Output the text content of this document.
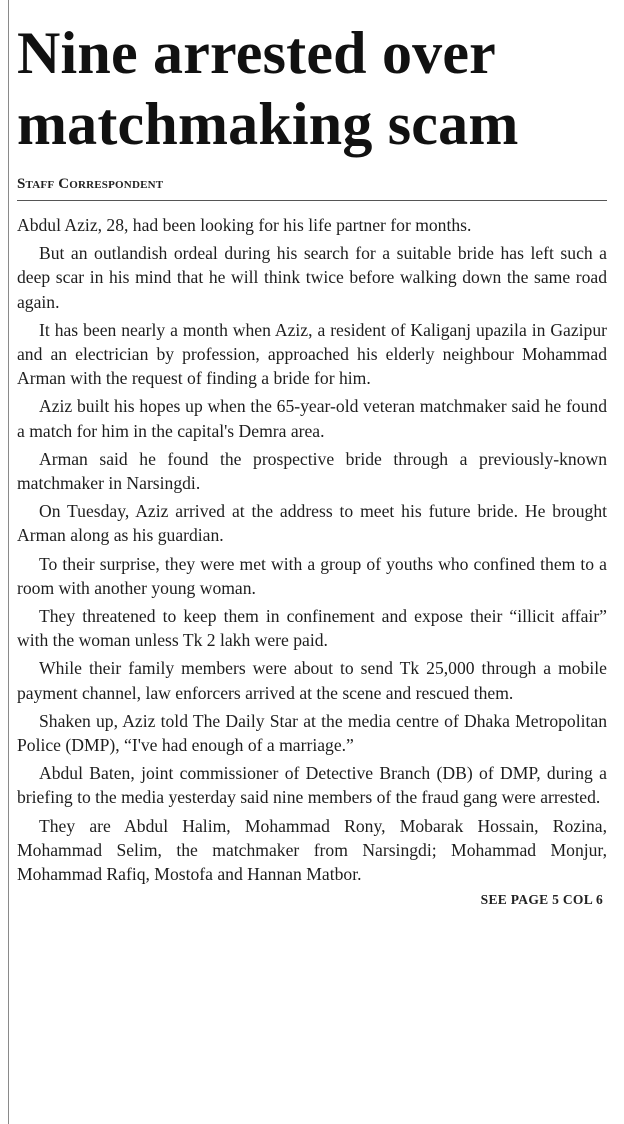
Nine arrested over
matchmaking scam
Staff Correspondent

Abdul Aziz, 28, had been looking for his life partner for months.

But an outlandish ordeal during his search for a suitable bride has left such a deep scar in his mind that he will think twice before walking down the same road again.

It has been nearly a month when Aziz, a resident of Kaliganj upazila in Gazipur and an electrician by profession, approached his elderly neighbour Mohammad Arman with the request of finding a bride for him.

Aziz built his hopes up when the 65-year-old veteran matchmaker said he found a match for him in the capital's Demra area.

Arman said he found the prospective bride through a previously-known matchmaker in Narsingdi.

On Tuesday, Aziz arrived at the address to meet his future bride. He brought Arman along as his guardian.

To their surprise, they were met with a group of youths who confined them to a room with another young woman.

They threatened to keep them in confinement and expose their “illicit affair” with the woman unless Tk 2 lakh were paid.

While their family members were about to send Tk 25,000 through a mobile payment channel, law enforcers arrived at the scene and rescued them.

Shaken up, Aziz told The Daily Star at the media centre of Dhaka Metropolitan Police (DMP), “I've had enough of a marriage.”

Abdul Baten, joint commissioner of Detective Branch (DB) of DMP, during a briefing to the media yesterday said nine members of the fraud gang were arrested.

They are Abdul Halim, Mohammad Rony, Mobarak Hossain, Rozina, Mohammad Selim, the matchmaker from Narsingdi; Mohammad Monjur, Mohammad Rafiq, Mostofa and Hannan Matbor.

SEE PAGE 5 COL 6
